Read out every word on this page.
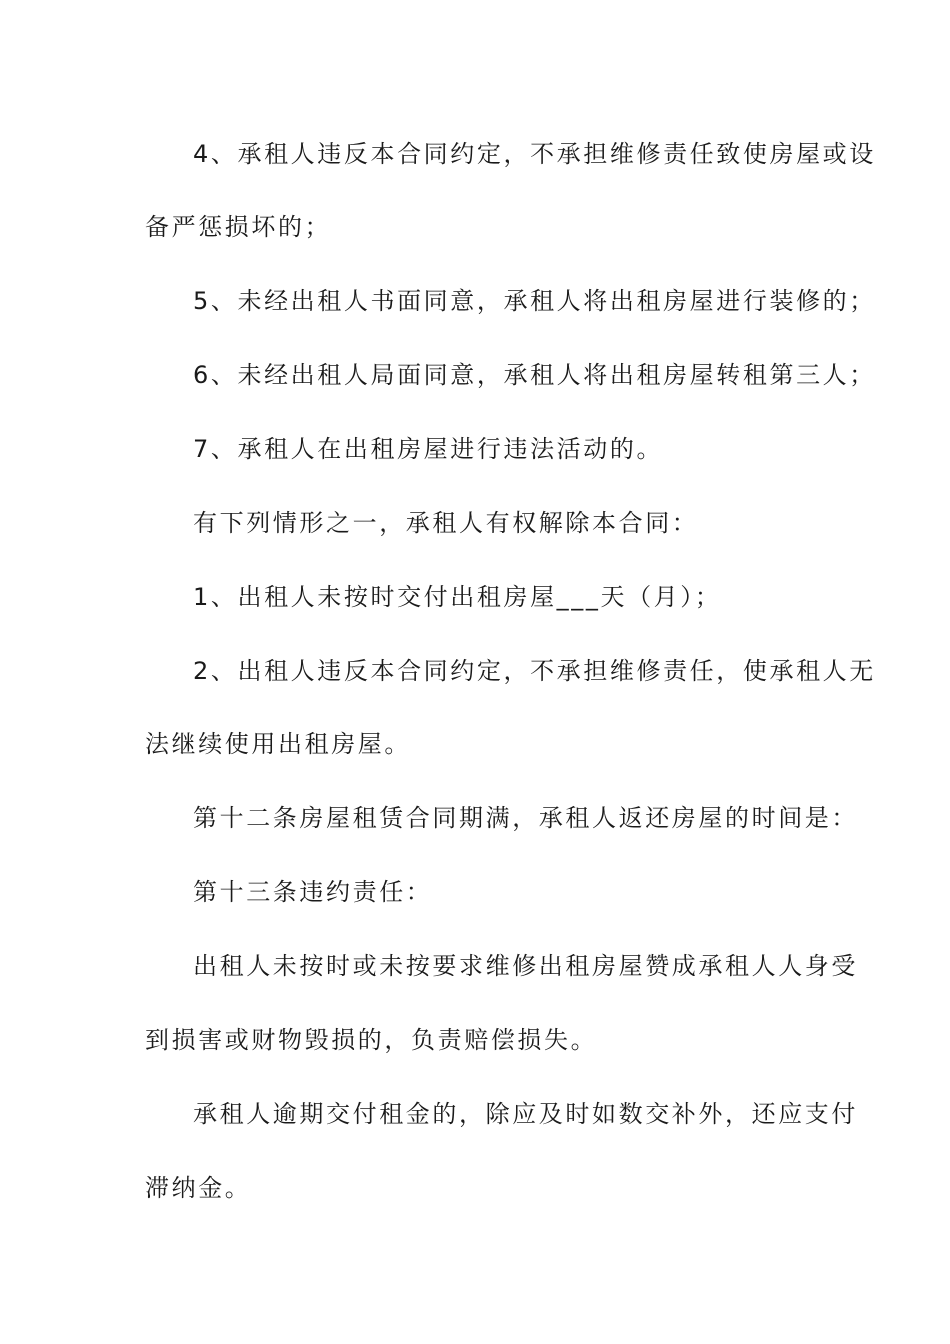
4、承租人违反本合同约定，不承担维修责任致使房屋或设
备严惩损坏的；
5、未经出租人书面同意，承租人将出租房屋进行装修的；
6、未经出租人局面同意，承租人将出租房屋转租第三人；
7、承租人在出租房屋进行违法活动的。
有下列情形之一，承租人有权解除本合同：
1、出租人未按时交付出租房屋___天（月）；
2、出租人违反本合同约定，不承担维修责任，使承租人无
法继续使用出租房屋。
第十二条房屋租赁合同期满，承租人返还房屋的时间是：
第十三条违约责任：
出租人未按时或未按要求维修出租房屋赞成承租人人身受
到损害或财物毁损的，负责赔偿损失。
承租人逾期交付租金的，除应及时如数交补外，还应支付
滞纳金。
